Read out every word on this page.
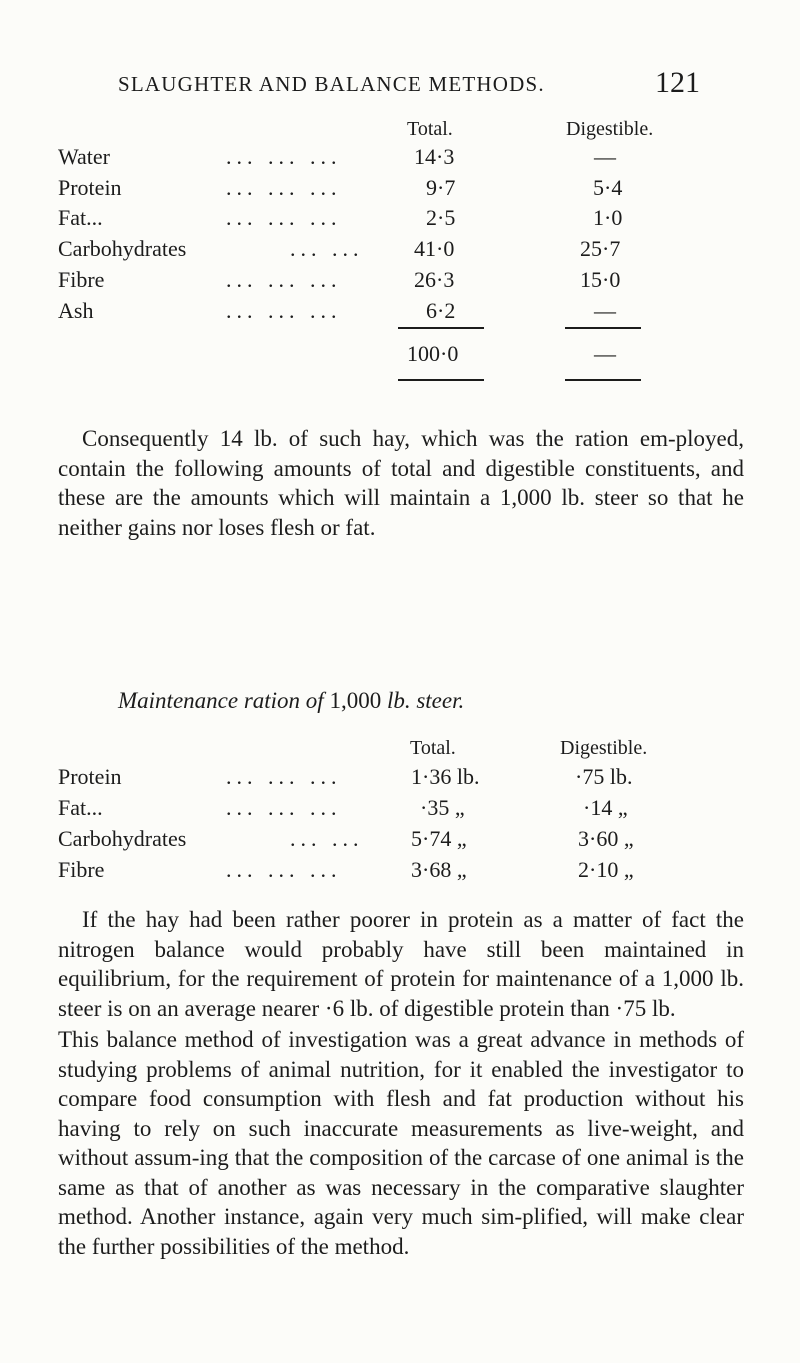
SLAUGHTER AND BALANCE METHODS.	121
Total.	Digestible.
Water	... ... ...	14·3	—
Protein	... ... ...	9·7	5·4
Fat...	... ... ...	2·5	1·0
Carbohydrates	... ... 41·0	25·7
Fibre	... ... ...	26·3	15·0
Ash	... ... ...	6·2	—
100·0	—

Consequently 14 lb. of such hay, which was the ration em-ployed, contain the following amounts of total and digestible constituents, and these are the amounts which will maintain a 1,000 lb. steer so that he neither gains nor loses flesh or fat.

Maintenance ration of 1,000 lb. steer.
Total.	Digestible.
Protein	... ... ...	1·36 lb.	·75 lb.
Fat...	... ... ...	·35 „	·14 „
Carbohydrates	... ... 5·74 „	3·60 „
Fibre	... ... ...	3·68 „	2·10 „

If the hay had been rather poorer in protein as a matter of fact the nitrogen balance would probably have still been maintained in equilibrium, for the requirement of protein for maintenance of a 1,000 lb. steer is on an average nearer ·6 lb. of digestible protein than ·75 lb.

This balance method of investigation was a great advance in methods of studying problems of animal nutrition, for it enabled the investigator to compare food consumption with flesh and fat production without his having to rely on such inaccurate measurements as live-weight, and without assum-ing that the composition of the carcase of one animal is the same as that of another as was necessary in the comparative slaughter method. Another instance, again very much sim-plified, will make clear the further possibilities of the method.
